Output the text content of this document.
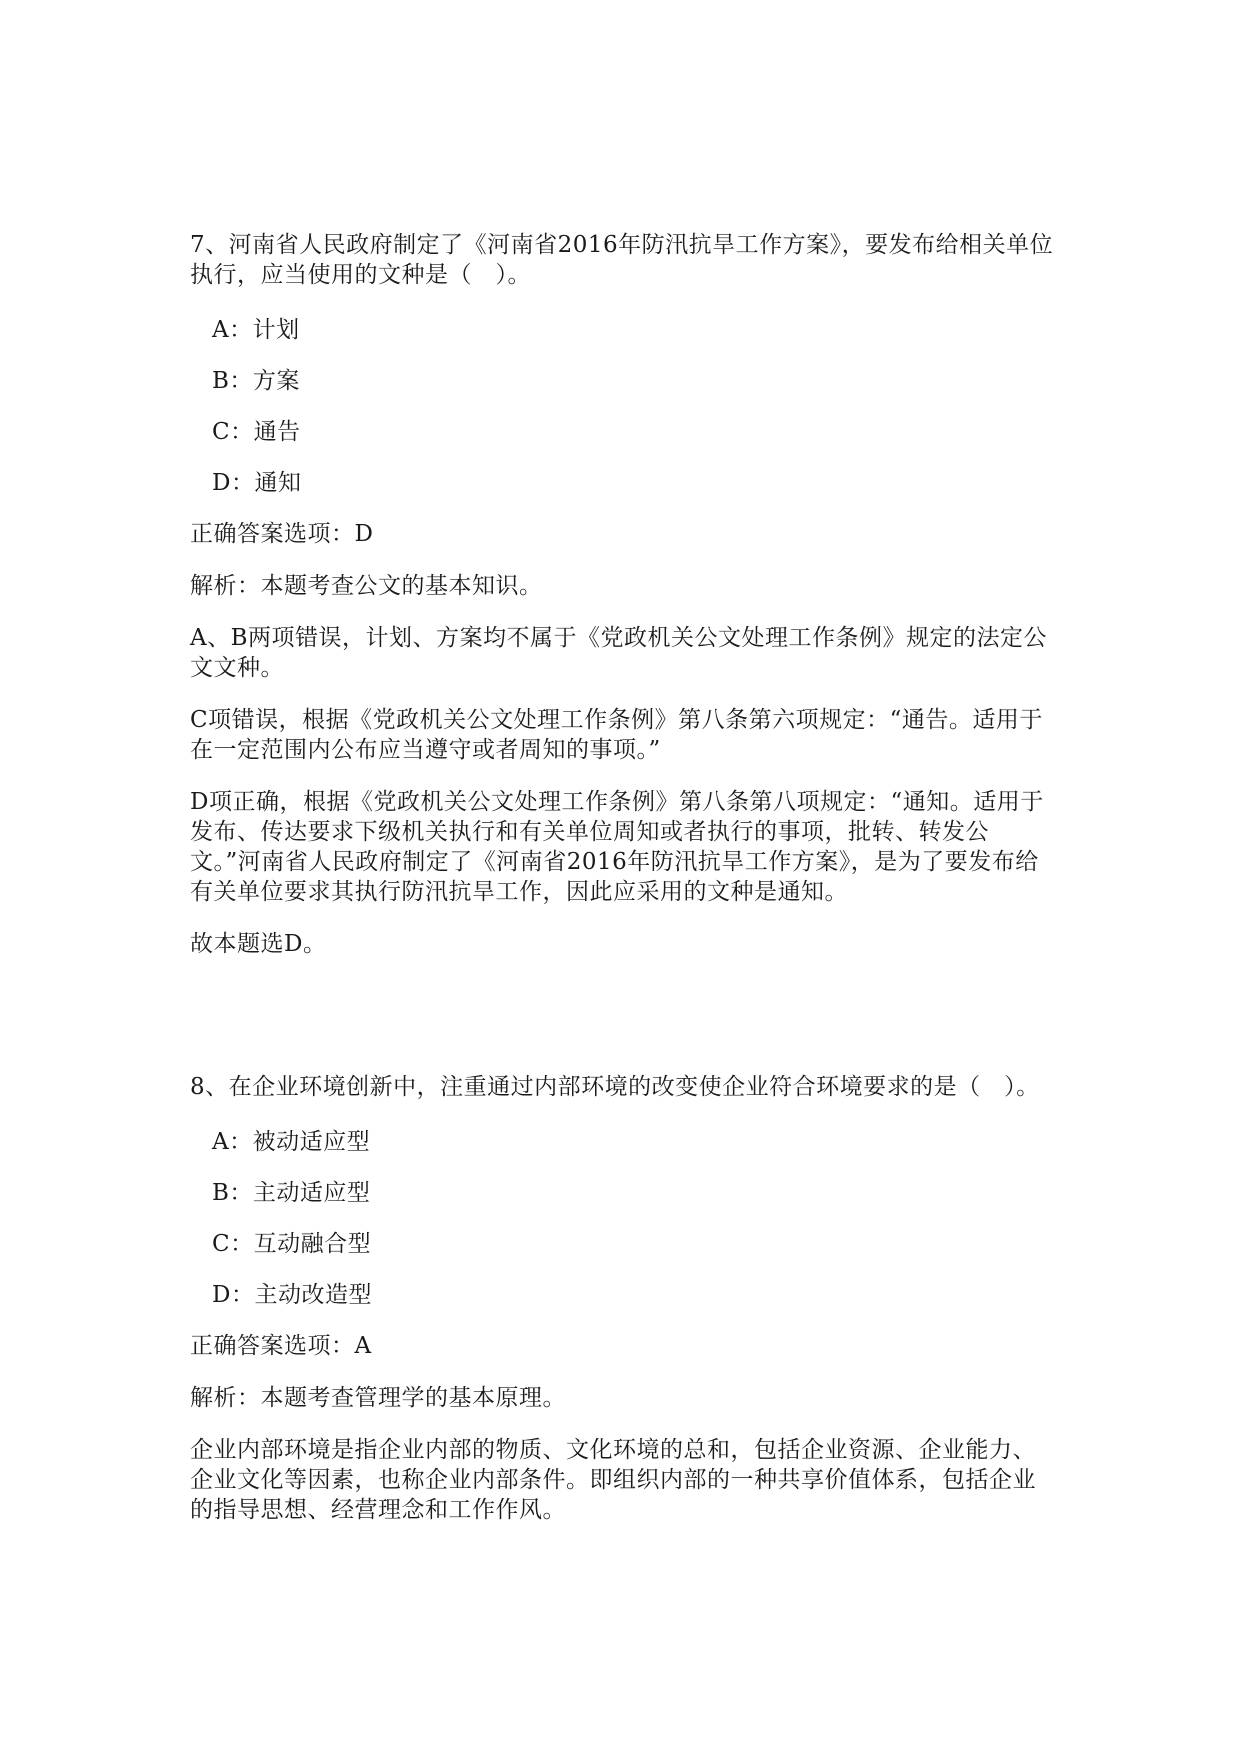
7、河南省人民政府制定了《河南省2016年防汛抗旱工作方案》，要发布给相关单位执行，应当使用的文种是（　）。

A：计划

B：方案

C：通告

D：通知

正确答案选项：D

解析：本题考查公文的基本知识。

A、B两项错误，计划、方案均不属于《党政机关公文处理工作条例》规定的法定公文文种。

C项错误，根据《党政机关公文处理工作条例》第八条第六项规定：“通告。适用于在一定范围内公布应当遵守或者周知的事项。”

D项正确，根据《党政机关公文处理工作条例》第八条第八项规定：“通知。适用于发布、传达要求下级机关执行和有关单位周知或者执行的事项，批转、转发公文。”河南省人民政府制定了《河南省2016年防汛抗旱工作方案》，是为了要发布给有关单位要求其执行防汛抗旱工作，因此应采用的文种是通知。

故本题选D。

8、在企业环境创新中，注重通过内部环境的改变使企业符合环境要求的是（　）。

A：被动适应型

B：主动适应型

C：互动融合型

D：主动改造型

正确答案选项：A

解析：本题考查管理学的基本原理。

企业内部环境是指企业内部的物质、文化环境的总和，包括企业资源、企业能力、企业文化等因素，也称企业内部条件。即组织内部的一种共享价值体系，包括企业的指导思想、经营理念和工作作风。
